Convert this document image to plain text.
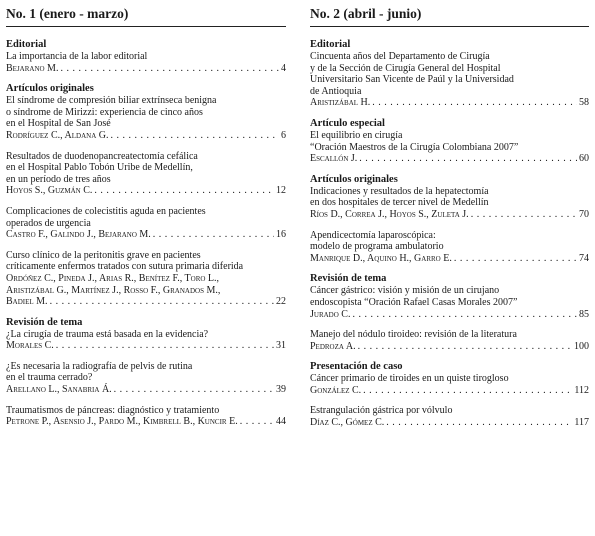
No. 1 (enero - marzo)
Editorial
La importancia de la labor editorial
Bejarano M. . . .	4
Artículos originales
El síndrome de compresión biliar extrínseca benigna
o síndrome de Mirizzi: experiencia de cinco años
en el Hospital de San José
Rodríguez C., Aldana G. . . .	6
Resultados de duodenopancreatectomía cefálica
en el Hospital Pablo Tobón Uribe de Medellín,
en un período de tres años
Hoyos S., Guzmán C. . . .	12
Complicaciones de colecistitis aguda en pacientes
operados de urgencia
Castro F., Galindo J., Bejarano M. . . .	16
Curso clínico de la peritonitis grave en pacientes
críticamente enfermos tratados con sutura primaria diferida
Ordóñez C., Pineda J., Arias R., Benítez F., Toro L.,
Aristizábal G., Martínez J., Rosso F., Granados M.,
Badiel M. . . .	22
Revisión de tema
¿La cirugía de trauma está basada en la evidencia?
Morales C. . . .	31
¿Es necesaria la radiografía de pelvis de rutina
en el trauma cerrado?
Arellano L., Sanabria Á. . . .	39
Traumatismos de páncreas: diagnóstico y tratamiento
Petrone P., Asensio J., Pardo M., Kimbrell B., Kuncir E. . . .	44
No. 2 (abril - junio)
Editorial
Cincuenta años del Departamento de Cirugía
y de la Sección de Cirugía General del Hospital
Universitario San Vicente de Paúl y la Universidad
de Antioquia
Aristizábal H. . . .	58
Artículo especial
El equilibrio en cirugía
“Oración Maestros de la Cirugía Colombiana 2007”
Escallón J. . . .	60
Artículos originales
Indicaciones y resultados de la hepatectomía
en dos hospitales de tercer nivel de Medellín
Ríos D., Correa J., Hoyos S., Zuleta J. . . .	70
Apendicectomía laparoscópica:
modelo de programa ambulatorio
Manrique D., Aquino H., Garro E. . . .	74
Revisión de tema
Cáncer gástrico: visión y misión de un cirujano
endoscopista “Oración Rafael Casas Morales 2007”
Jurado C. . . .	85
Manejo del nódulo tiroideo: revisión de la literatura
Pedroza A. . . .	100
Presentación de caso
Cáncer primario de tiroides en un quiste tirogloso
González C. . . .	112
Estrangulación gástrica por vólvulo
Díaz C., Gómez C. . . .	117
